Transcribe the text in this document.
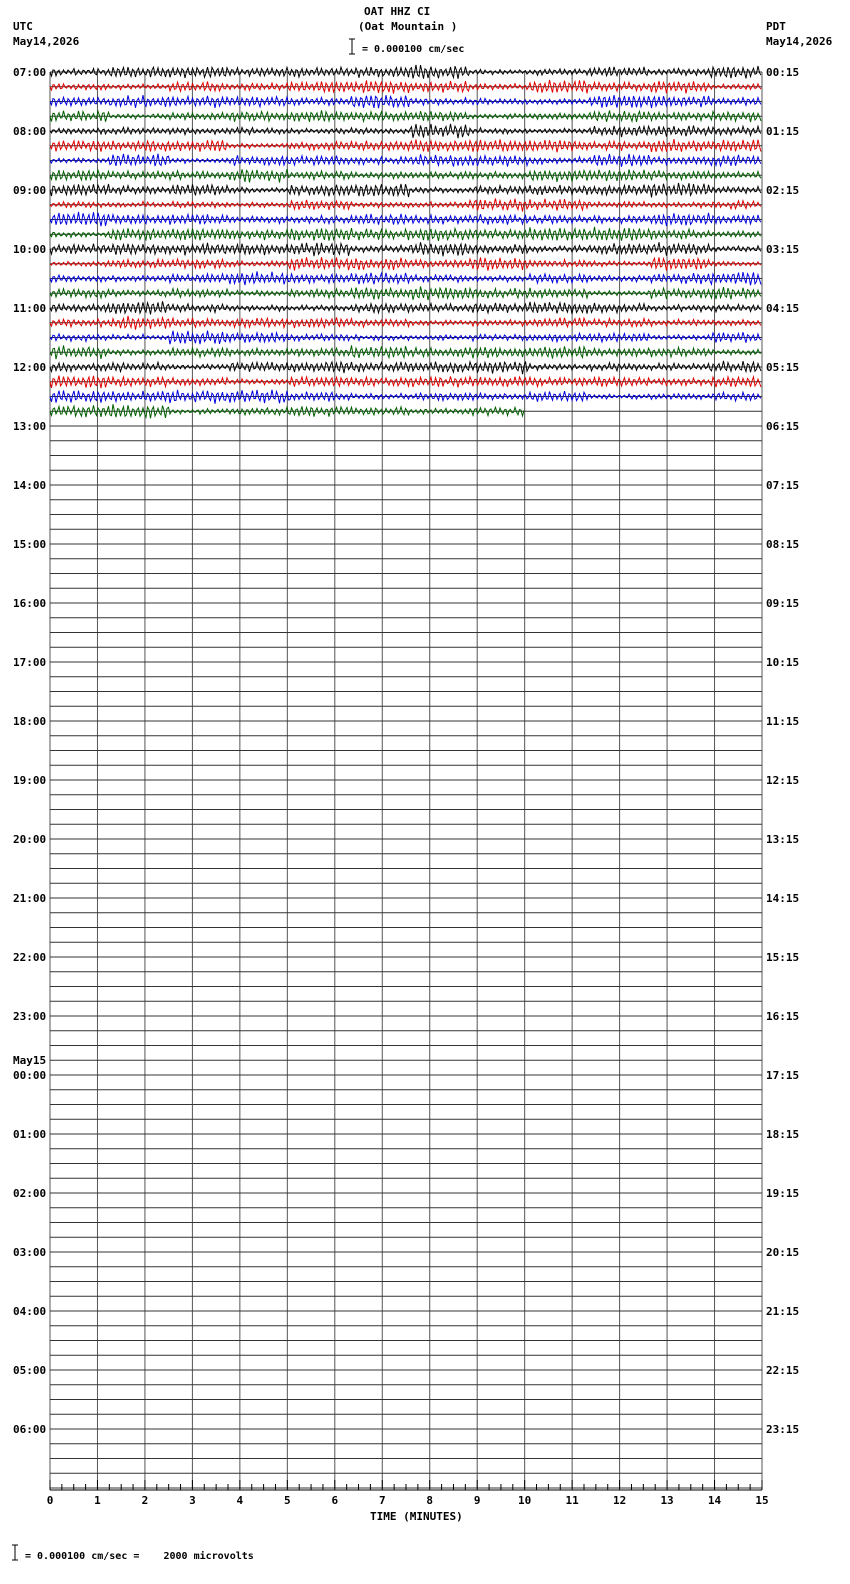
07:00	00:15
08:00	01:15
09:00	02:15
10:00	03:15
11:00	04:15
12:00	05:15
13:00	06:15
14:00	07:15
15:00	08:15
16:00	09:15
17:00	10:15
18:00	11:15
19:00	12:15
20:00	13:15
21:00	14:15
22:00	15:15
23:00	16:15
00:00	17:15
May15
01:00	18:15
02:00	19:15
03:00	20:15
04:00	21:15
05:00	22:15
06:00	23:15
0	1	2	3	4	5	6	7	8	9	10	11	12	13	14	15
OAT HHZ CI
(Oat Mountain )
= 0.000100 cm/sec
UTC
May14,2026
PDT
May14,2026
TIME (MINUTES)
= 0.000100 cm/sec =    2000 microvolts
